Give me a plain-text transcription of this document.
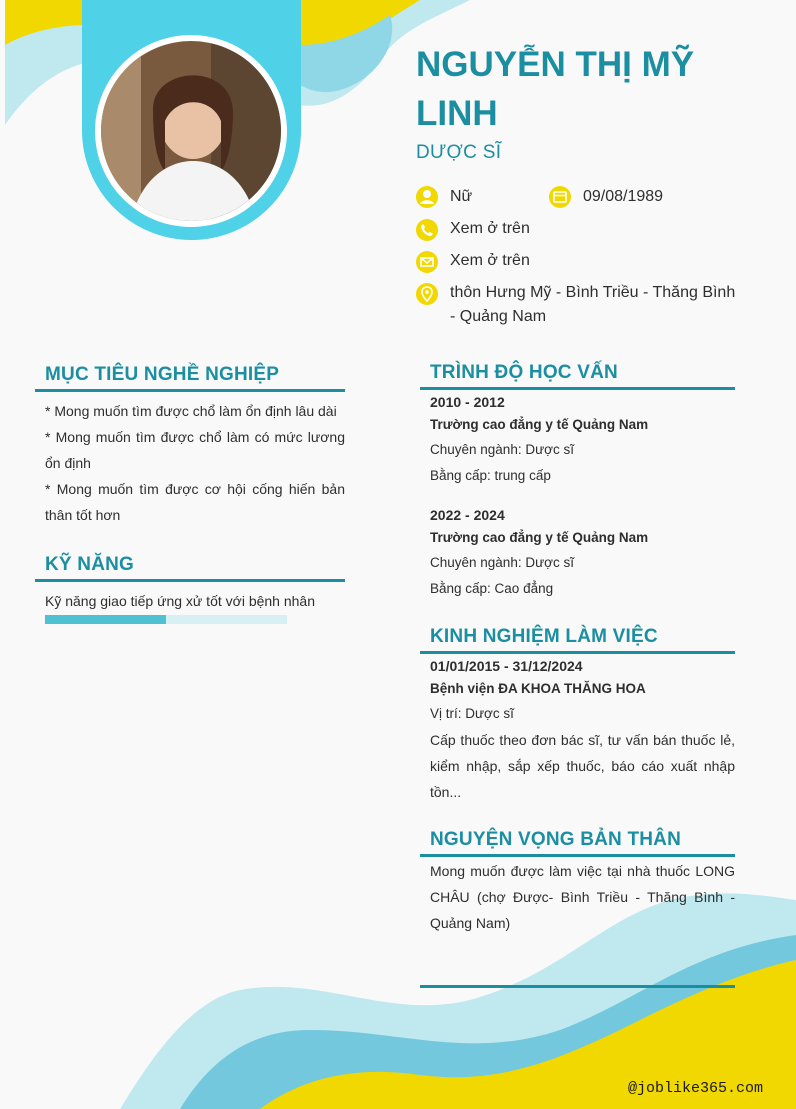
NGUYỄN THỊ MỸ LINH
DƯỢC SĨ
Nữ	09/08/1989
Xem ở trên
Xem ở trên
thôn Hưng Mỹ - Bình Triều - Thăng Bình - Quảng Nam
MỤC TIÊU NGHỀ NGHIỆP
* Mong muốn tìm được chổ làm ổn định lâu dài
* Mong muốn tìm được chổ làm có mức lương ổn định
* Mong muốn tìm được cơ hội cống hiến bản thân tốt hơn
KỸ NĂNG
Kỹ năng giao tiếp ứng xử tốt với bệnh nhân
TRÌNH ĐỘ HỌC VẤN
2010 - 2012
Trường cao đẳng y tế Quảng Nam
Chuyên ngành: Dược sĩ
Bằng cấp: trung cấp
2022 - 2024
Trường cao đẳng y tế Quảng Nam
Chuyên ngành: Dược sĩ
Bằng cấp: Cao đẳng
KINH NGHIỆM LÀM VIỆC
01/01/2015 - 31/12/2024
Bệnh viện ĐA KHOA THĂNG HOA
Vị trí: Dược sĩ
Cấp thuốc theo đơn bác sĩ, tư vấn bán thuốc lẻ, kiểm nhập, sắp xếp thuốc, báo cáo xuất nhập tồn...
NGUYỆN VỌNG BẢN THÂN
Mong muốn được làm việc tại nhà thuốc LONG CHÂU (chợ Được- Bình Triều - Thăng Bình - Quảng Nam)
@joblike365.com
